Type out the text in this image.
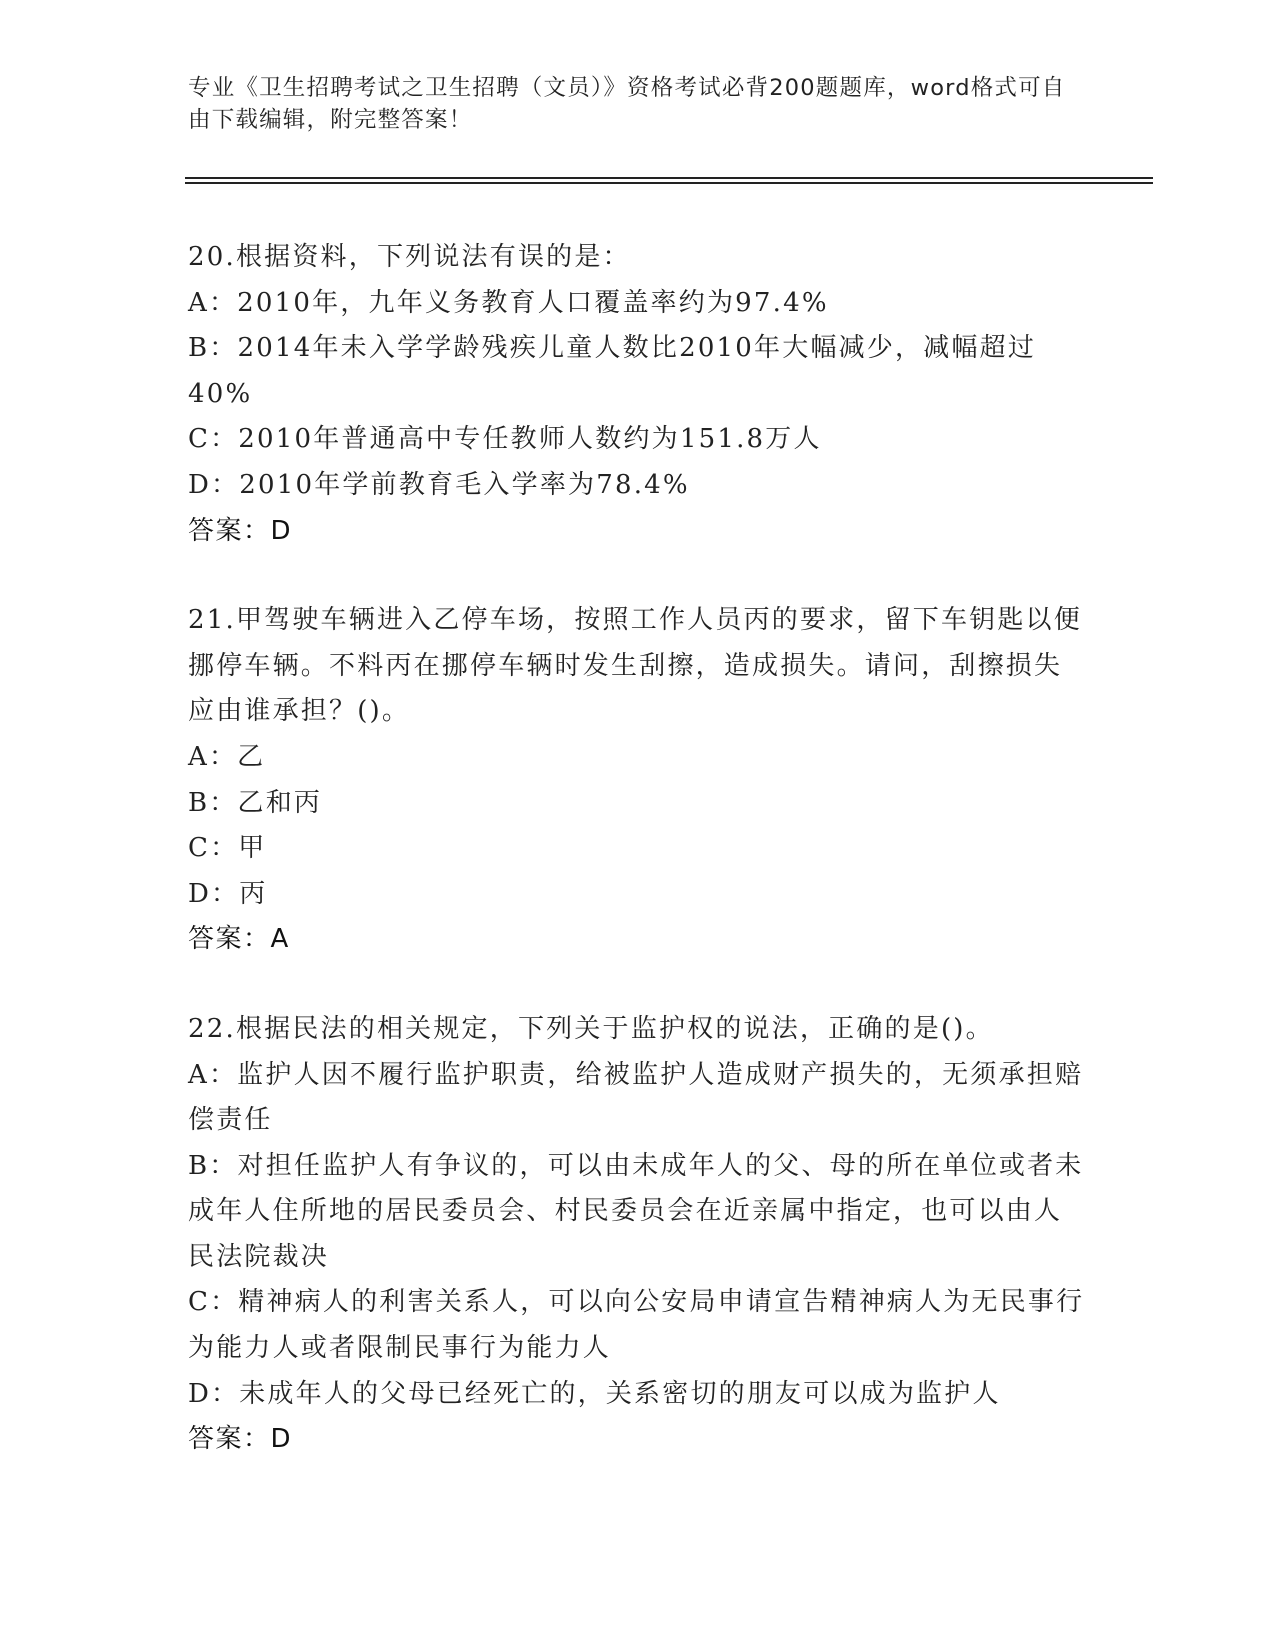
专业《卫生招聘考试之卫生招聘（文员）》资格考试必背200题题库，word格式可自由下载编辑，附完整答案！

20.根据资料，下列说法有误的是：

A：2010年，九年义务教育人口覆盖率约为97.4%

B：2014年未入学学龄残疾儿童人数比2010年大幅减少，减幅超过40%

C：2010年普通高中专任教师人数约为151.8万人

D：2010年学前教育毛入学率为78.4%

答案：D

21.甲驾驶车辆进入乙停车场，按照工作人员丙的要求，留下车钥匙以便挪停车辆。不料丙在挪停车辆时发生刮擦，造成损失。请问，刮擦损失应由谁承担？()。

A：乙

B：乙和丙

C：甲

D：丙

答案：A

22.根据民法的相关规定，下列关于监护权的说法，正确的是()。

A：监护人因不履行监护职责，给被监护人造成财产损失的，无须承担赔偿责任

B：对担任监护人有争议的，可以由未成年人的父、母的所在单位或者未成年人住所地的居民委员会、村民委员会在近亲属中指定，也可以由人民法院裁决

C：精神病人的利害关系人，可以向公安局申请宣告精神病人为无民事行为能力人或者限制民事行为能力人

D：未成年人的父母已经死亡的，关系密切的朋友可以成为监护人

答案：D
